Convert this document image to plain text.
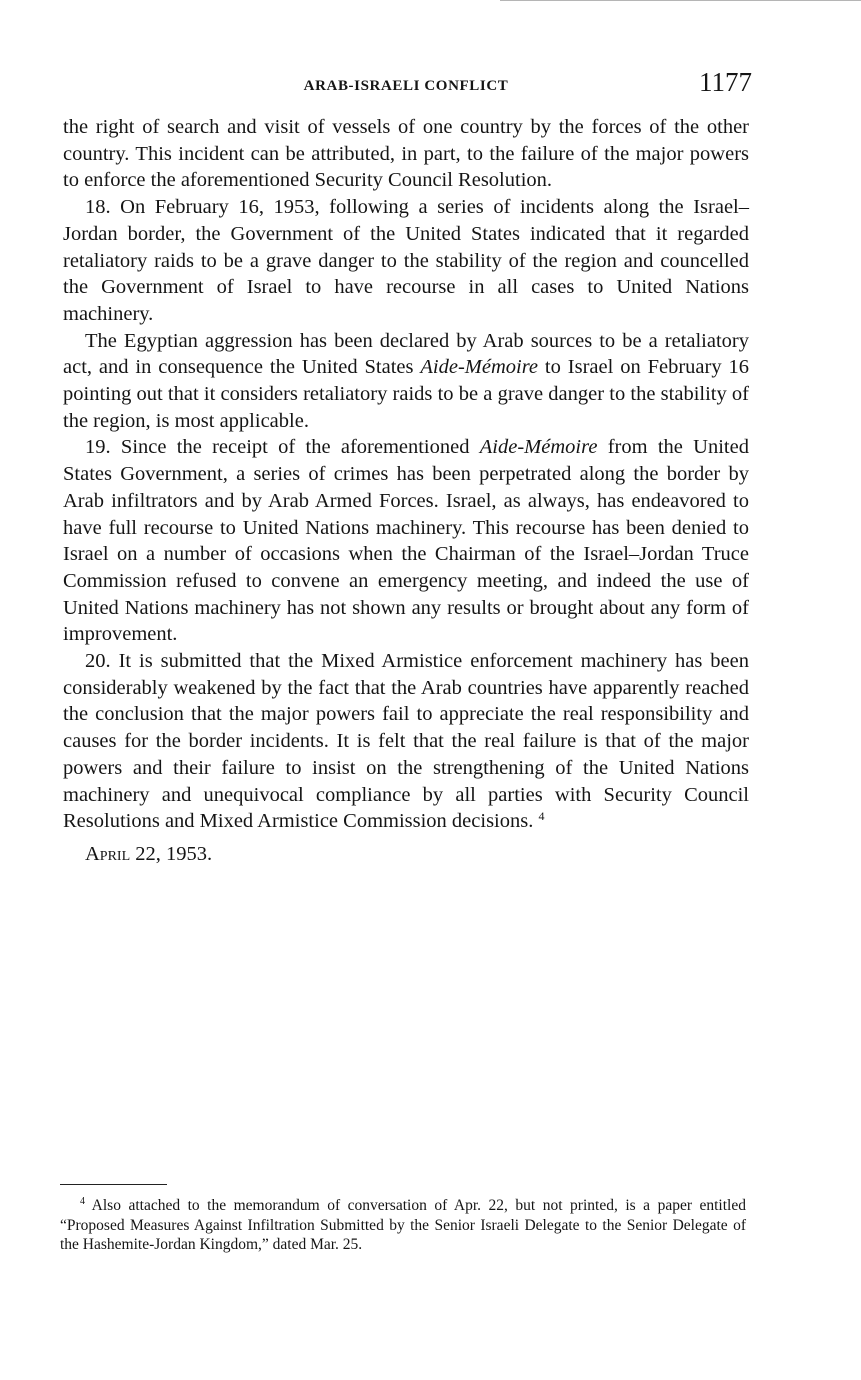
ARAB-ISRAELI CONFLICT	1177

the right of search and visit of vessels of one country by the forces of the other country. This incident can be attributed, in part, to the failure of the major powers to enforce the aforementioned Security Council Resolution.

18. On February 16, 1953, following a series of incidents along the Israel–Jordan border, the Government of the United States indicated that it regarded retaliatory raids to be a grave danger to the stability of the region and councelled the Government of Israel to have recourse in all cases to United Nations machinery.

The Egyptian aggression has been declared by Arab sources to be a retaliatory act, and in consequence the United States Aide-Mémoire to Israel on February 16 pointing out that it considers retaliatory raids to be a grave danger to the stability of the region, is most applicable.

19. Since the receipt of the aforementioned Aide-Mémoire from the United States Government, a series of crimes has been perpetrated along the border by Arab infiltrators and by Arab Armed Forces. Israel, as always, has endeavored to have full recourse to United Nations machinery. This recourse has been denied to Israel on a number of occasions when the Chairman of the Israel–Jordan Truce Commission refused to convene an emergency meeting, and indeed the use of United Nations machinery has not shown any results or brought about any form of improvement.

20. It is submitted that the Mixed Armistice enforcement machinery has been considerably weakened by the fact that the Arab countries have apparently reached the conclusion that the major powers fail to appreciate the real responsibility and causes for the border incidents. It is felt that the real failure is that of the major powers and their failure to insist on the strengthening of the United Nations machinery and unequivocal compliance by all parties with Security Council Resolutions and Mixed Armistice Commission decisions. $^4$

April 22, 1953.

$^4$ Also attached to the memorandum of conversation of Apr. 22, but not printed, is a paper entitled “Proposed Measures Against Infiltration Submitted by the Senior Israeli Delegate to the Senior Delegate of the Hashemite-Jordan Kingdom,” dated Mar. 25.
